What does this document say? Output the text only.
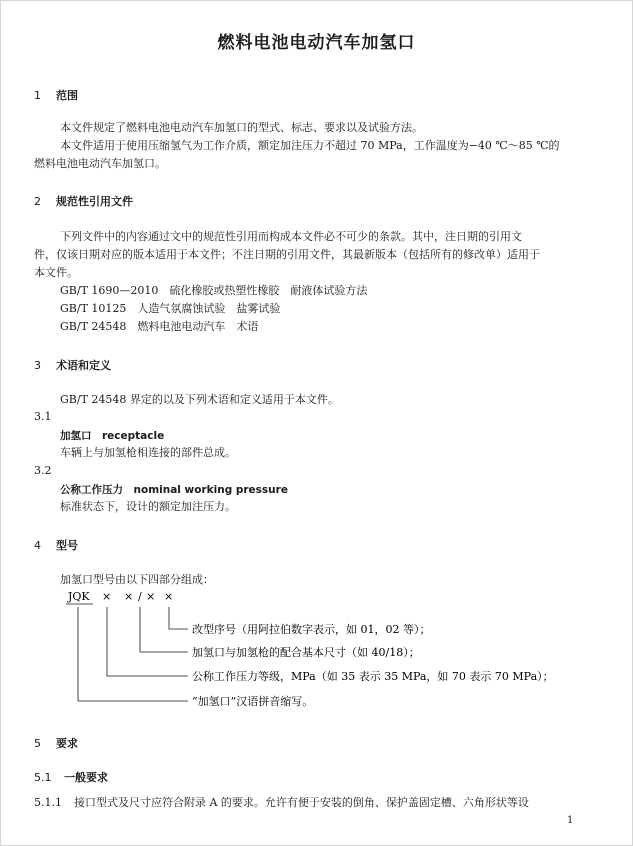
燃料电池电动汽车加氢口
1 范围
本文件规定了燃料电池电动汽车加氢口的型式、标志、要求以及试验方法。
本文件适用于使用压缩氢气为工作介质，额定加注压力不超过 70 MPa，工作温度为−40 ℃～85 ℃的
燃料电池电动汽车加氢口。
2 规范性引用文件
下列文件中的内容通过文中的规范性引用而构成本文件必不可少的条款。其中，注日期的引用文
件，仅该日期对应的版本适用于本文件；不注日期的引用文件，其最新版本（包括所有的修改单）适用于
本文件。
GB/T 1690—2010　硫化橡胶或热塑性橡胶　耐液体试验方法
GB/T 10125　人造气氛腐蚀试验　盐雾试验
GB/T 24548　燃料电池电动汽车　术语
3 术语和定义
GB/T 24548 界定的以及下列术语和定义适用于本文件。
3.1
加氢口　receptacle
车辆上与加氢枪相连接的部件总成。
3.2
公称工作压力　nominal working pressure
标准状态下，设计的额定加注压力。
4 型号
加氢口型号由以下四部分组成：
JQK × × / × ×
改型序号（用阿拉伯数字表示，如 01，02 等）；
加氢口与加氢枪的配合基本尺寸（如 40/18）；
公称工作压力等级，MPa（如 35 表示 35 MPa，如 70 表示 70 MPa）；
“加氢口”汉语拼音缩写。
5 要求
5.1 一般要求
5.1.1 接口型式及尺寸应符合附录 A 的要求。允许有便于安装的倒角、保护盖固定槽、六角形状等设
1
